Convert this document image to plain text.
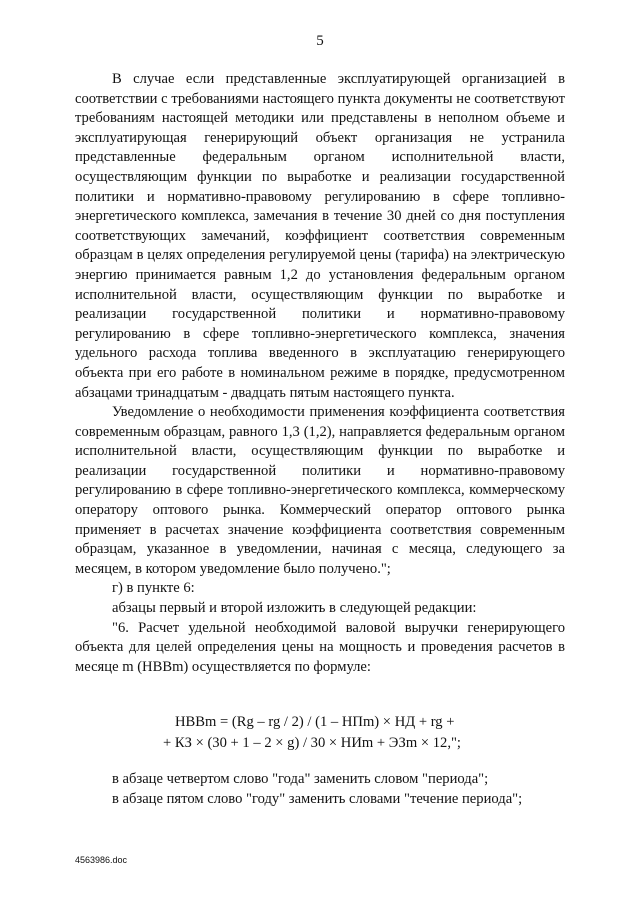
5

В случае если представленные эксплуатирующей организацией в соответствии с требованиями настоящего пункта документы не соответствуют требованиям настоящей методики или представлены в неполном объеме и эксплуатирующая генерирующий объект организация не устранила представленные федеральным органом исполнительной власти, осуществляющим функции по выработке и реализации государственной политики и нормативно-правовому регулированию в сфере топливно-энергетического комплекса, замечания в течение 30 дней со дня поступления соответствующих замечаний, коэффициент соответствия современным образцам в целях определения регулируемой цены (тарифа) на электрическую энергию принимается равным 1,2 до установления федеральным органом исполнительной власти, осуществляющим функции по выработке и реализации государственной политики и нормативно-правовому регулированию в сфере топливно-энергетического комплекса, значения удельного расхода топлива введенного в эксплуатацию генерирующего объекта при его работе в номинальном режиме в порядке, предусмотренном абзацами тринадцатым - двадцать пятым настоящего пункта.

Уведомление о необходимости применения коэффициента соответствия современным образцам, равного 1,3 (1,2), направляется федеральным органом исполнительной власти, осуществляющим функции по выработке и реализации государственной политики и нормативно-правовому регулированию в сфере топливно-энергетического комплекса, коммерческому оператору оптового рынка. Коммерческий оператор оптового рынка применяет в расчетах значение коэффициента соответствия современным образцам, указанное в уведомлении, начиная с месяца, следующего за месяцем, в котором уведомление было получено.";

г) в пункте 6:

абзацы первый и второй изложить в следующей редакции:

"6. Расчет удельной необходимой валовой выручки генерирующего объекта для целей определения цены на мощность и проведения расчетов в месяце m (НВВm) осуществляется по формуле:

НВВm = (Rg – rg / 2) / (1 – НПm) × НД + rg +
+ КЗ × (30 + 1 – 2 × g) / 30 × НИm + ЭЗm × 12,";

в абзаце четвертом слово "года" заменить словом "периода";

в абзаце пятом слово "году" заменить словами "течение периода";

4563986.doc
